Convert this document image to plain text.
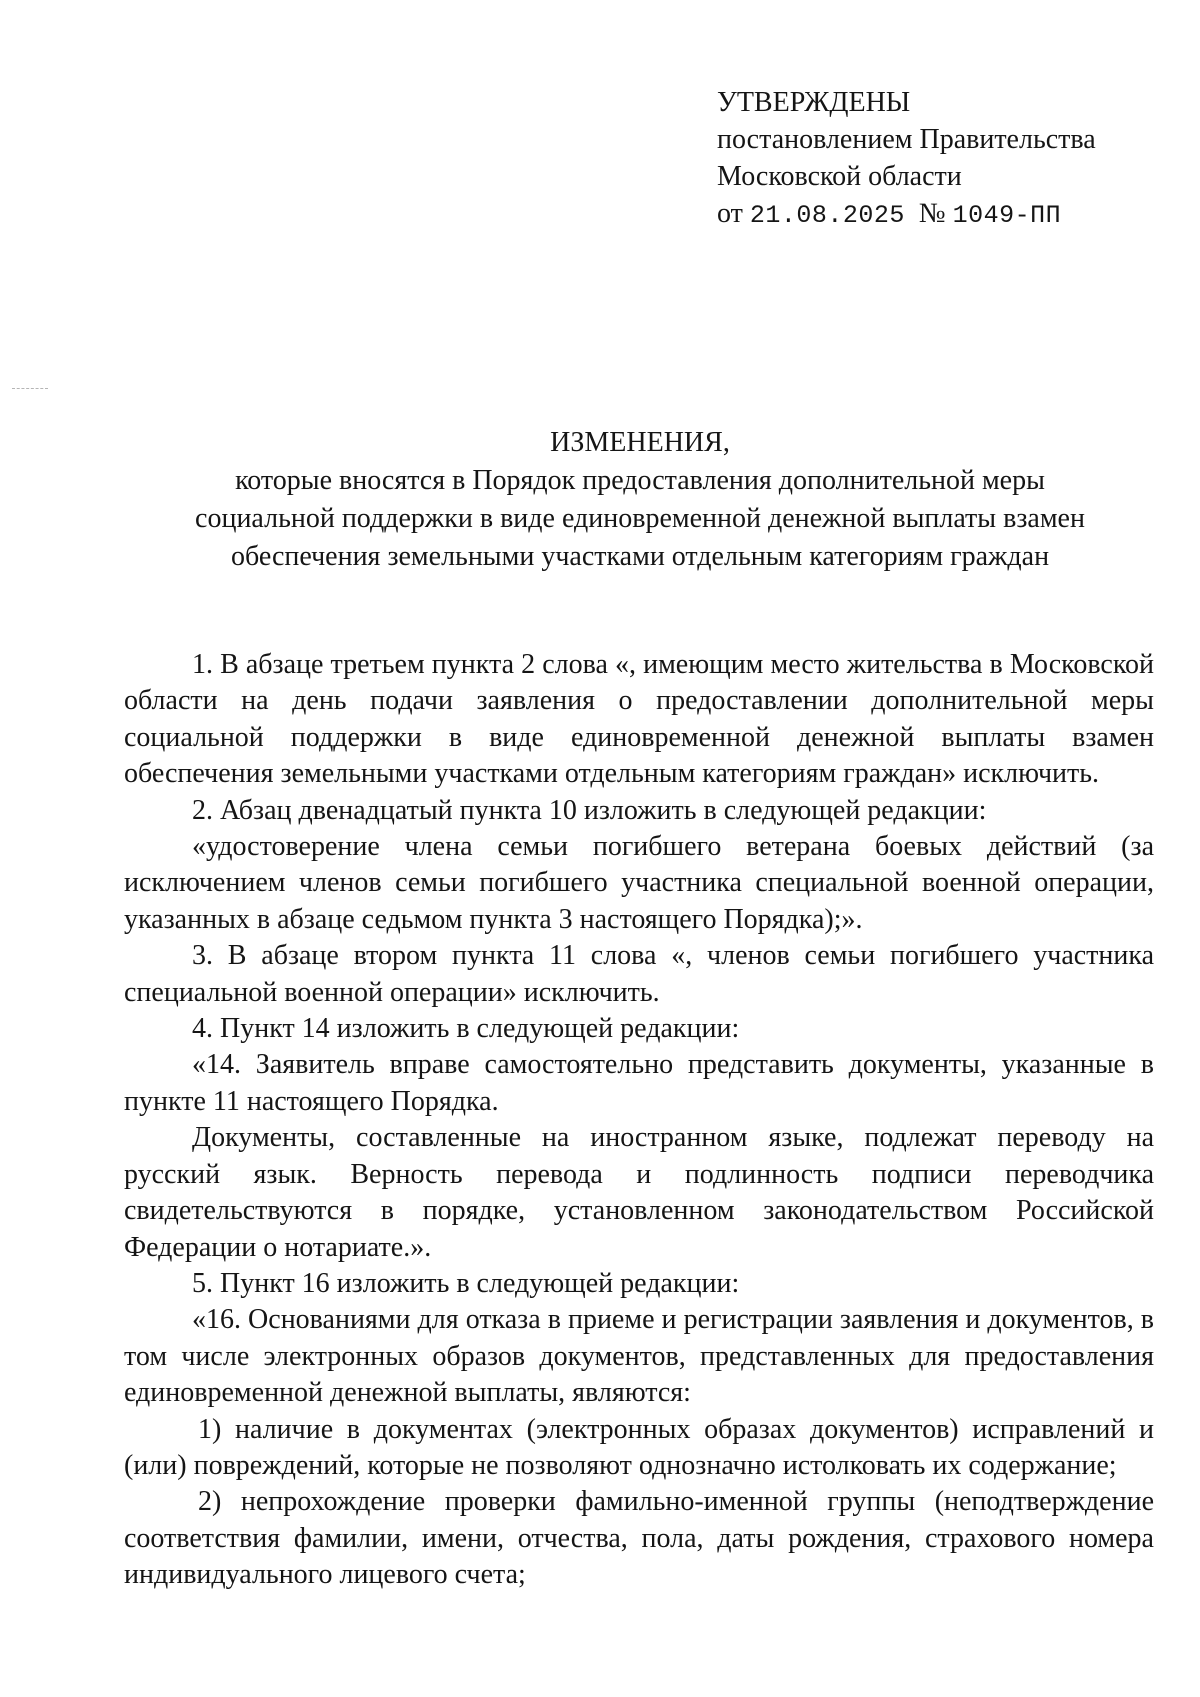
УТВЕРЖДЕНЫ
постановлением Правительства
Московской области
от 21.08.2025 № 1049-ПП
ИЗМЕНЕНИЯ,
которые вносятся в Порядок предоставления дополнительной меры
социальной поддержки в виде единовременной денежной выплаты взамен
обеспечения земельными участками отдельным категориям граждан

1. В абзаце третьем пункта 2 слова «, имеющим место жительства в Московской области на день подачи заявления о предоставлении дополнительной меры социальной поддержки в виде единовременной денежной выплаты взамен обеспечения земельными участками отдельным категориям граждан» исключить.

2. Абзац двенадцатый пункта 10 изложить в следующей редакции:

«удостоверение члена семьи погибшего ветерана боевых действий (за исключением членов семьи погибшего участника специальной военной операции, указанных в абзаце седьмом пункта 3 настоящего Порядка);».

3. В абзаце втором пункта 11 слова «, членов семьи погибшего участника специальной военной операции» исключить.

4. Пункт 14 изложить в следующей редакции:

«14. Заявитель вправе самостоятельно представить документы, указанные в пункте 11 настоящего Порядка.

Документы, составленные на иностранном языке, подлежат переводу на русский язык. Верность перевода и подлинность подписи переводчика свидетельствуются в порядке, установленном законодательством Российской Федерации о нотариате.».

5. Пункт 16 изложить в следующей редакции:

«16. Основаниями для отказа в приеме и регистрации заявления и документов, в том числе электронных образов документов, представленных для предоставления единовременной денежной выплаты, являются:

1) наличие в документах (электронных образах документов) исправлений и (или) повреждений, которые не позволяют однозначно истолковать их содержание;

2) непрохождение проверки фамильно-именной группы (неподтверждение соответствия фамилии, имени, отчества, пола, даты рождения, страхового номера индивидуального лицевого счета;
